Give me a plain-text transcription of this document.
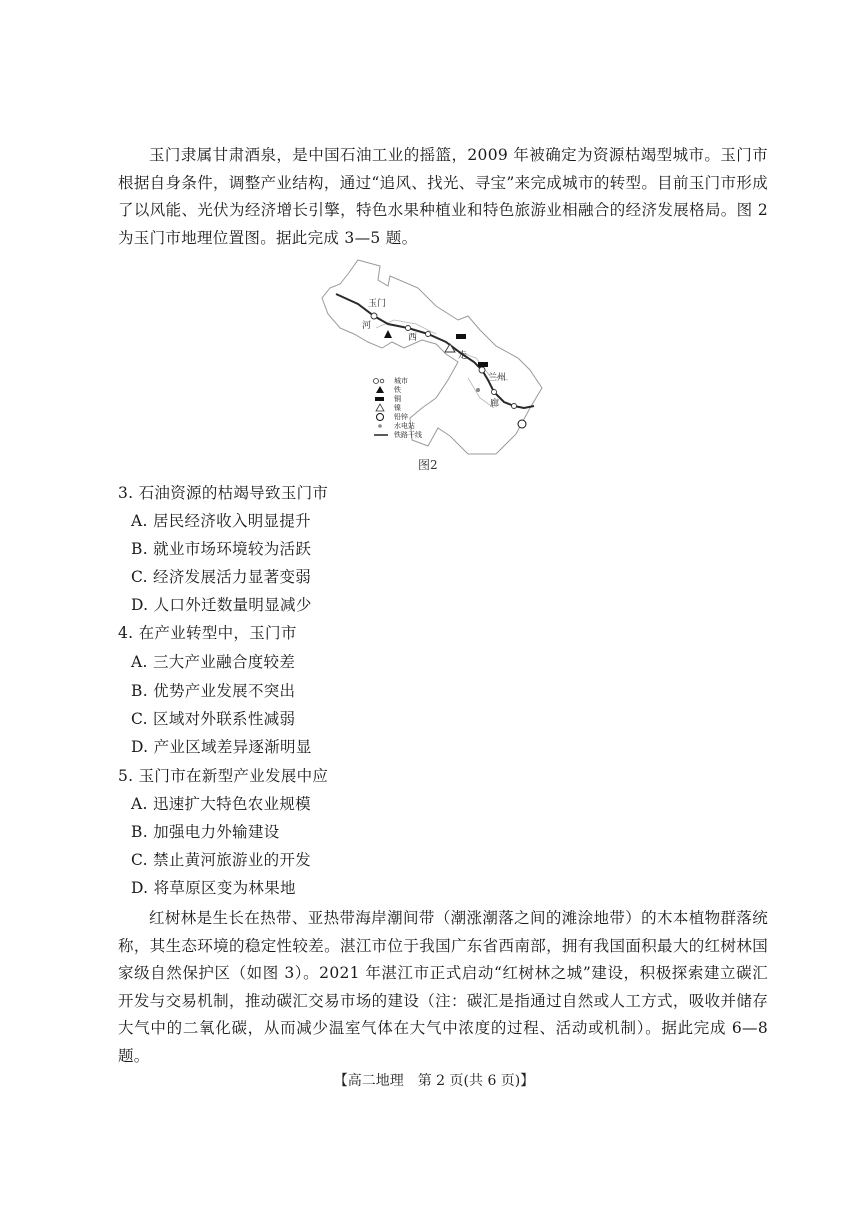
玉门隶属甘肃酒泉，是中国石油工业的摇篮，2009 年被确定为资源枯竭型城市。玉门市根据自身条件，调整产业结构，通过“追风、找光、寻宝”来完成城市的转型。目前玉门市形成了以风能、光伏为经济增长引擎，特色水果种植业和特色旅游业相融合的经济发展格局。图 2 为玉门市地理位置图。据此完成 3—5 题。

玉门
河
西
走
兰州
廊
城市
铁
铜
镍
铅锌
水电站
铁路干线
图2

3. 石油资源的枯竭导致玉门市

A. 居民经济收入明显提升

B. 就业市场环境较为活跃

C. 经济发展活力显著变弱

D. 人口外迁数量明显减少

4. 在产业转型中，玉门市

A. 三大产业融合度较差

B. 优势产业发展不突出

C. 区域对外联系性减弱

D. 产业区域差异逐渐明显

5. 玉门市在新型产业发展中应

A. 迅速扩大特色农业规模

B. 加强电力外输建设

C. 禁止黄河旅游业的开发

D. 将草原区变为林果地

红树林是生长在热带、亚热带海岸潮间带（潮涨潮落之间的滩涂地带）的木本植物群落统称，其生态环境的稳定性较差。湛江市位于我国广东省西南部，拥有我国面积最大的红树林国家级自然保护区（如图 3）。2021 年湛江市正式启动“红树林之城”建设，积极探索建立碳汇开发与交易机制，推动碳汇交易市场的建设（注：碳汇是指通过自然或人工方式，吸收并储存大气中的二氧化碳，从而减少温室气体在大气中浓度的过程、活动或机制）。据此完成 6—8 题。

【高二地理　第 2 页(共 6 页)】
